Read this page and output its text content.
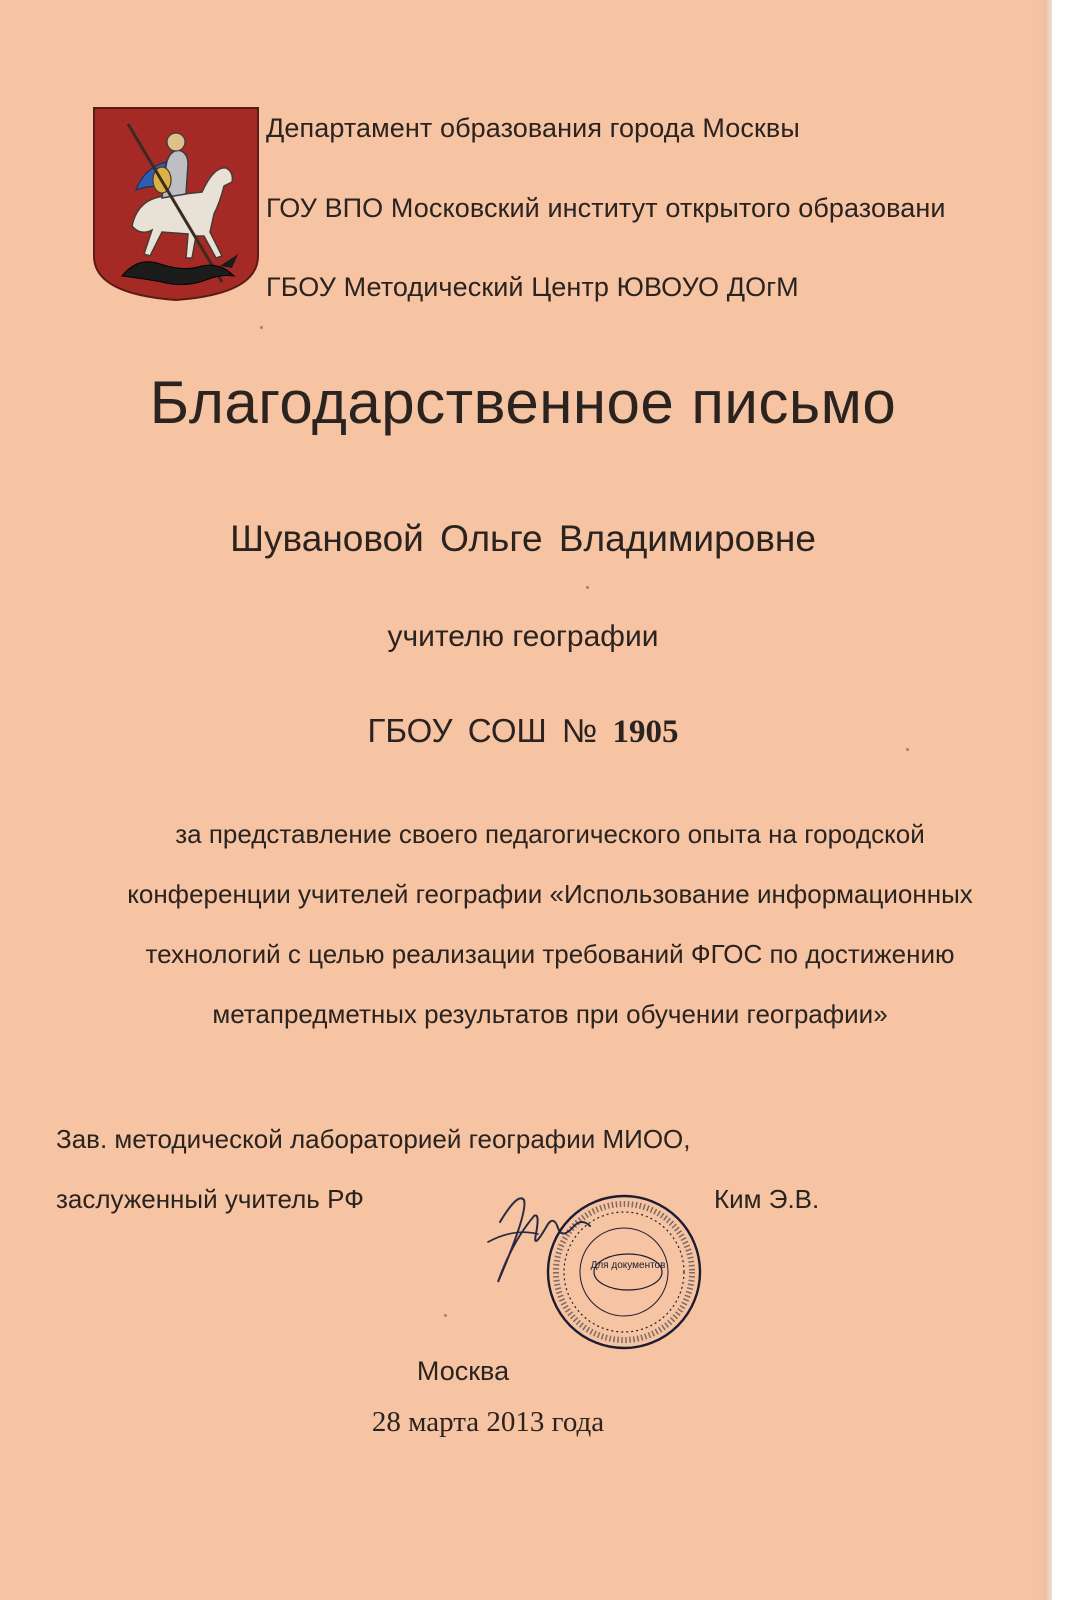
Департамент образования города Москвы
ГОУ ВПО Московский институт открытого образовани
ГБОУ Методический Центр ЮВОУО ДОгМ
Благодарственное письмо
Шувановой Ольге Владимировне
учителю географии
ГБОУ СОШ № 1905
за представление своего педагогического опыта на городской
конференции учителей географии «Использование информационных
технологий с целью реализации требований ФГОС по достижению
метапредметных результатов при обучении географии»
Зав. методической лабораторией географии МИОО,
заслуженный учитель РФ	Ким Э.В.
Для документов
Москва
28 марта 2013 года
